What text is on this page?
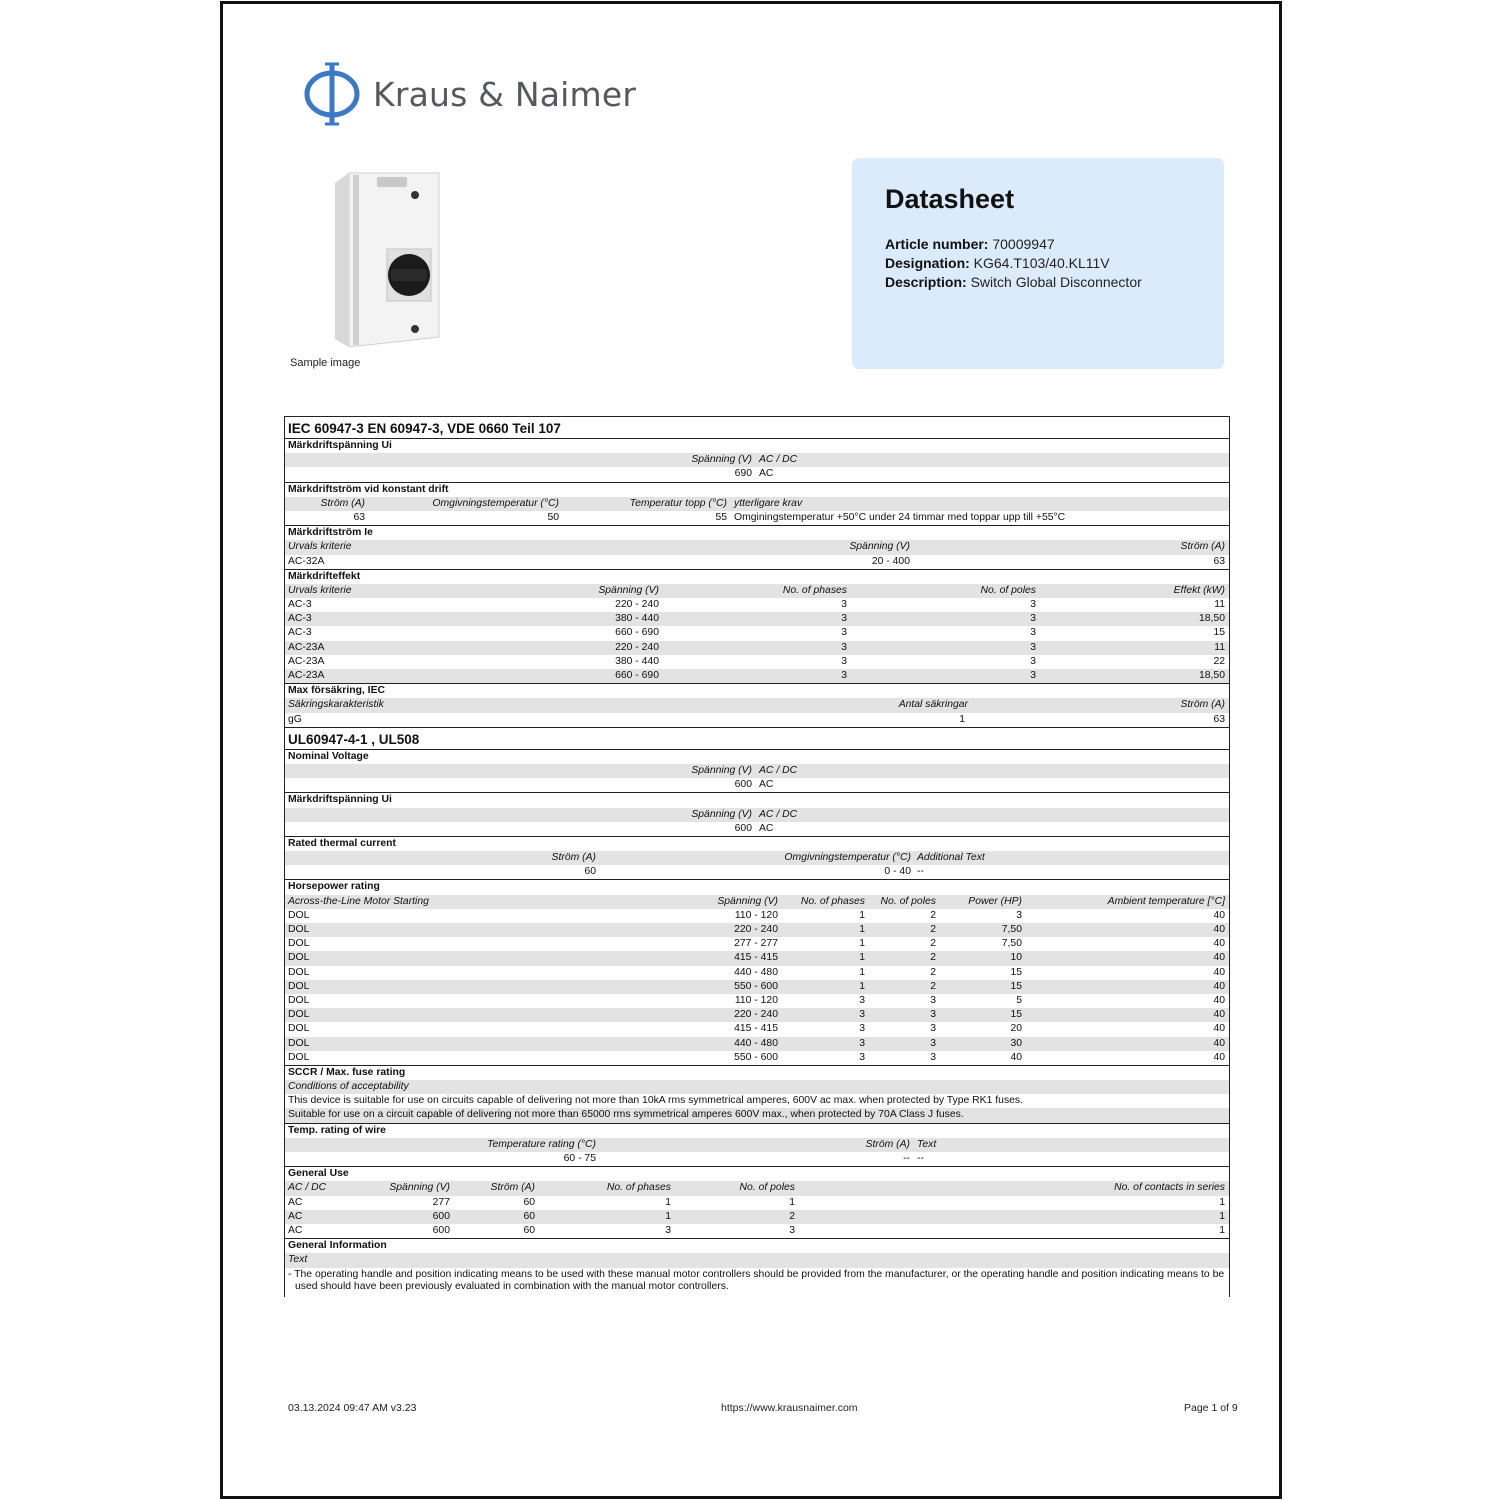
Kraus & Naimer
Sample image
Datasheet
Article number: 70009947
Designation: KG64.T103/40.KL11V
Description: Switch Global Disconnector
IEC 60947-3 EN 60947-3, VDE 0660 Teil 107
Märkdriftspänning Ui
Spänning (V) AC / DC
690 AC
Märkdriftström vid konstant drift
Ström (A)	Omgivningstemperatur (°C)	Temperatur topp (°C) ytterligare krav
63	50	55 Omginingstemperatur +50°C under 24 timmar med toppar upp till +55°C
Märkdriftström Ie
Urvals kriterie	Spänning (V)	Ström (A)
AC-32A	20 - 400	63
Märkdrifteffekt
Urvals kriterie	Spänning (V)	No. of phases	No. of poles	Effekt (kW)
AC-3	220 - 240	3	3	11
AC-3	380 - 440	3	3	18,50
AC-3	660 - 690	3	3	15
AC-23A	220 - 240	3	3	11
AC-23A	380 - 440	3	3	22
AC-23A	660 - 690	3	3	18,50
Max försäkring, IEC
Säkringskarakteristik	Antal säkringar	Ström (A)
gG	1	63
UL60947-4-1 , UL508
Nominal Voltage
Spänning (V) AC / DC
600 AC
Märkdriftspänning Ui
Spänning (V) AC / DC
600 AC
Rated thermal current
Ström (A)	Omgivningstemperatur (°C) Additional Text
60	0 - 40 --
Horsepower rating
Across-the-Line Motor Starting	Spänning (V)	No. of phases	No. of poles	Power (HP)	Ambient temperature [°C]
DOL	110 - 120	1	2	3	40
DOL	220 - 240	1	2	7,50	40
DOL	277 - 277	1	2	7,50	40
DOL	415 - 415	1	2	10	40
DOL	440 - 480	1	2	15	40
DOL	550 - 600	1	2	15	40
DOL	110 - 120	3	3	5	40
DOL	220 - 240	3	3	15	40
DOL	415 - 415	3	3	20	40
DOL	440 - 480	3	3	30	40
DOL	550 - 600	3	3	40	40
SCCR / Max. fuse rating
Conditions of acceptability
This device is suitable for use on circuits capable of delivering not more than 10kA rms symmetrical amperes, 600V ac max. when protected by Type RK1 fuses.
Suitable for use on a circuit capable of delivering not more than 65000 rms symmetrical amperes 600V max., when protected by 70A Class J fuses.
Temp. rating of wire
Temperature rating (°C)	Ström (A) Text
60 - 75	-- --
General Use
AC / DC	Spänning (V)	Ström (A)	No. of phases	No. of poles	No. of contacts in series
AC	277	60	1	1	1
AC	600	60	1	2	1
AC	600	60	3	3	1
General Information
Text
- The operating handle and position indicating means to be used with these manual motor controllers should be provided from the manufacturer, or the operating handle and position indicating means to be used should have been previously evaluated in combination with the manual motor controllers.
03.13.2024 09:47 AM v3.23	https://www.krausnaimer.com	Page 1 of 9
